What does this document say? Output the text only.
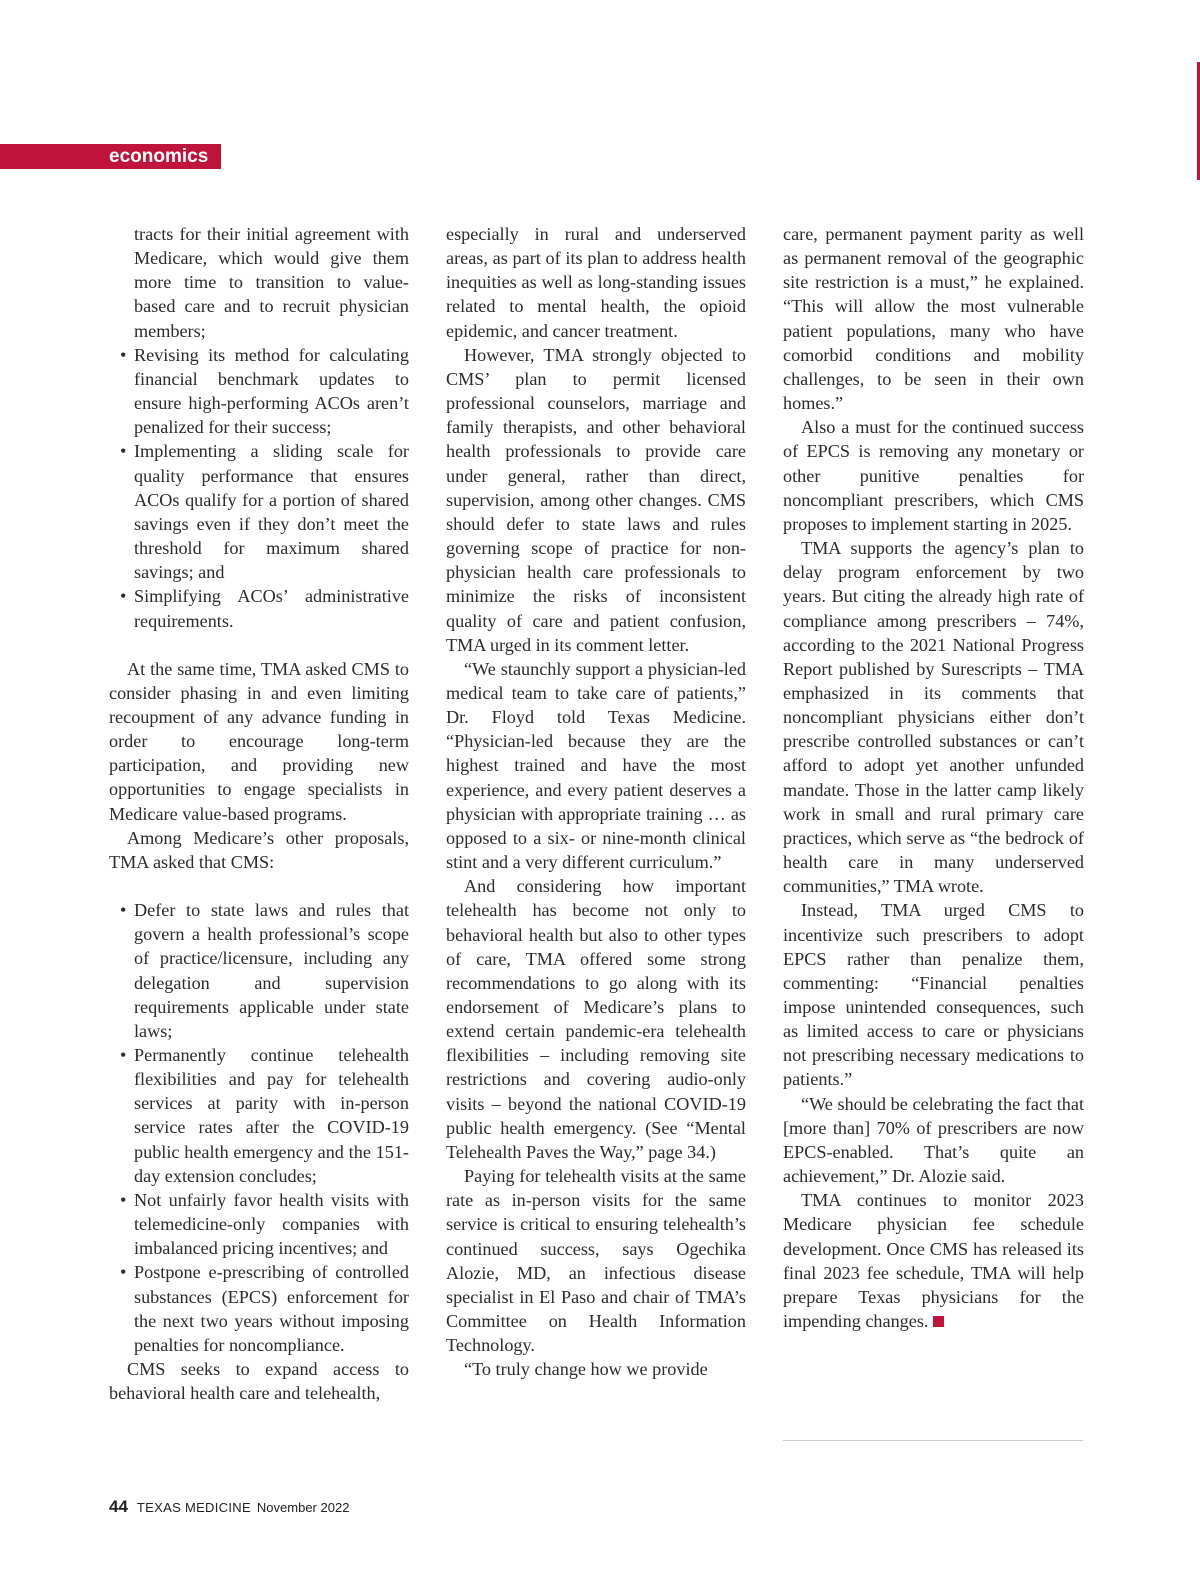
economics
tracts for their initial agreement with Medicare, which would give them more time to transition to value-based care and to recruit physician members;
• Revising its method for calculating financial benchmark updates to ensure high-performing ACOs aren’t penalized for their success;
• Implementing a sliding scale for quality performance that ensures ACOs qualify for a portion of shared savings even if they don’t meet the threshold for maximum shared savings; and
• Simplifying ACOs’ administrative requirements.

At the same time, TMA asked CMS to consider phasing in and even limiting recoupment of any advance funding in order to encourage long-term participation, and providing new opportunities to engage specialists in Medicare value-based programs.

Among Medicare’s other proposals, TMA asked that CMS:

• Defer to state laws and rules that govern a health professional’s scope of practice/licensure, including any delegation and supervision requirements applicable under state laws;
• Permanently continue telehealth flexibilities and pay for telehealth services at parity with in-person service rates after the COVID-19 public health emergency and the 151-day extension concludes;
• Not unfairly favor health visits with telemedicine-only companies with imbalanced pricing incentives; and
• Postpone e-prescribing of controlled substances (EPCS) enforcement for the next two years without imposing penalties for noncompliance.

CMS seeks to expand access to behavioral health care and telehealth,

especially in rural and underserved areas, as part of its plan to address health inequities as well as long-standing issues related to mental health, the opioid epidemic, and cancer treatment.

However, TMA strongly objected to CMS’ plan to permit licensed professional counselors, marriage and family therapists, and other behavioral health professionals to provide care under general, rather than direct, supervision, among other changes. CMS should defer to state laws and rules governing scope of practice for non-physician health care professionals to minimize the risks of inconsistent quality of care and patient confusion, TMA urged in its comment letter.

“We staunchly support a physician-led medical team to take care of patients,” Dr. Floyd told Texas Medicine. “Physician-led because they are the highest trained and have the most experience, and every patient deserves a physician with appropriate training … as opposed to a six- or nine-month clinical stint and a very different curriculum.”

And considering how important telehealth has become not only to behavioral health but also to other types of care, TMA offered some strong recommendations to go along with its endorsement of Medicare’s plans to extend certain pandemic-era telehealth flexibilities – including removing site restrictions and covering audio-only visits – beyond the national COVID-19 public health emergency. (See “Mental Telehealth Paves the Way,” page 34.)

Paying for telehealth visits at the same rate as in-person visits for the same service is critical to ensuring telehealth’s continued success, says Ogechika Alozie, MD, an infectious disease specialist in El Paso and chair of TMA’s Committee on Health Information Technology.

“To truly change how we provide

care, permanent payment parity as well as permanent removal of the geographic site restriction is a must,” he explained. “This will allow the most vulnerable patient populations, many who have comorbid conditions and mobility challenges, to be seen in their own homes.”

Also a must for the continued success of EPCS is removing any monetary or other punitive penalties for noncompliant prescribers, which CMS proposes to implement starting in 2025.

TMA supports the agency’s plan to delay program enforcement by two years. But citing the already high rate of compliance among prescribers – 74%, according to the 2021 National Progress Report published by Surescripts – TMA emphasized in its comments that noncompliant physicians either don’t prescribe controlled substances or can’t afford to adopt yet another unfunded mandate. Those in the latter camp likely work in small and rural primary care practices, which serve as “the bedrock of health care in many underserved communities,” TMA wrote.

Instead, TMA urged CMS to incentivize such prescribers to adopt EPCS rather than penalize them, commenting: “Financial penalties impose unintended consequences, such as limited access to care or physicians not prescribing necessary medications to patients.”

“We should be celebrating the fact that [more than] 70% of prescribers are now EPCS-enabled. That’s quite an achievement,” Dr. Alozie said.

TMA continues to monitor 2023 Medicare physician fee schedule development. Once CMS has released its final 2023 fee schedule, TMA will help prepare Texas physicians for the impending changes.

44 TEXAS MEDICINE November 2022
